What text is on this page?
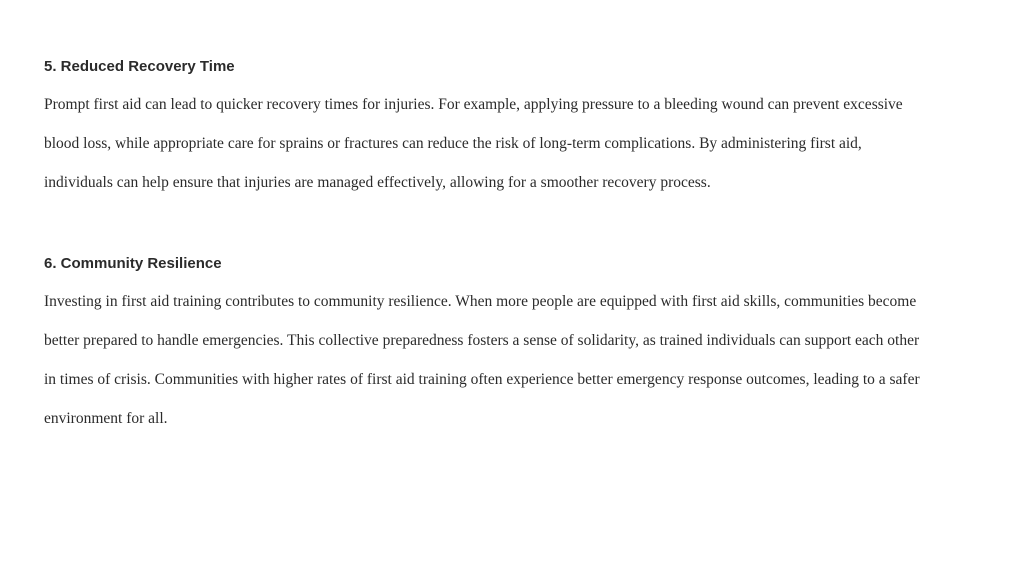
5. Reduced Recovery Time

Prompt first aid can lead to quicker recovery times for injuries. For example, applying pressure to a bleeding wound can prevent excessive

blood loss, while appropriate care for sprains or fractures can reduce the risk of long-term complications. By administering first aid,

individuals can help ensure that injuries are managed effectively, allowing for a smoother recovery process.

6. Community Resilience

Investing in first aid training contributes to community resilience. When more people are equipped with first aid skills, communities become

better prepared to handle emergencies. This collective preparedness fosters a sense of solidarity, as trained individuals can support each other

in times of crisis. Communities with higher rates of first aid training often experience better emergency response outcomes, leading to a safer

environment for all.
